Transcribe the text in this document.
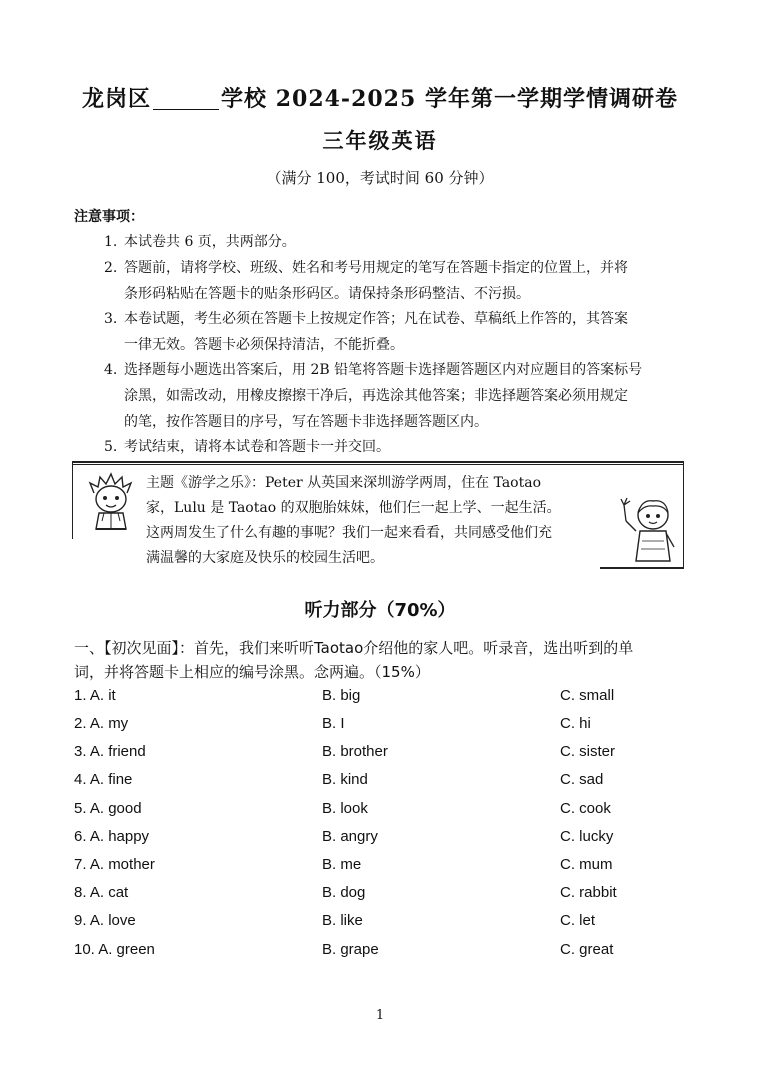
龙岗区	学校 2024-2025 学年第一学期学情调研卷
三年级英语
（满分 100，考试时间 60 分钟）
注意事项：
1. 本试卷共 6 页，共两部分。
2. 答题前，请将学校、班级、姓名和考号用规定的笔写在答题卡指定的位置上，并将
条形码粘贴在答题卡的贴条形码区。请保持条形码整洁、不污损。
3. 本卷试题，考生必须在答题卡上按规定作答；凡在试卷、草稿纸上作答的，其答案
一律无效。答题卡必须保持清洁，不能折叠。
4. 选择题每小题选出答案后，用 2B 铅笔将答题卡选择题答题区内对应题目的答案标号
涂黑，如需改动，用橡皮擦擦干净后，再选涂其他答案；非选择题答案必须用规定
的笔，按作答题目的序号，写在答题卡非选择题答题区内。
5. 考试结束，请将本试卷和答题卡一并交回。
主题《游学之乐》：Peter 从英国来深圳游学两周，住在 Taotao
家，Lulu 是 Taotao 的双胞胎妹妹，他们仨一起上学、一起生活。
这两周发生了什么有趣的事呢？我们一起来看看，共同感受他们充
满温馨的大家庭及快乐的校园生活吧。
听力部分（70%）
一、【初次见面】：首先，我们来听听Taotao介绍他的家人吧。听录音，选出听到的单
词，并将答题卡上相应的编号涂黑。念两遍。（15%）
1. A. it	B. big	C. small
2. A. my	B. I	C. hi
3. A. friend	B. brother	C. sister
4. A. fine	B. kind	C. sad
5. A. good	B. look	C. cook
6. A. happy	B. angry	C. lucky
7. A. mother	B. me	C. mum
8. A. cat	B. dog	C. rabbit
9. A. love	B. like	C. let
10. A. green	B. grape	C. great
1
